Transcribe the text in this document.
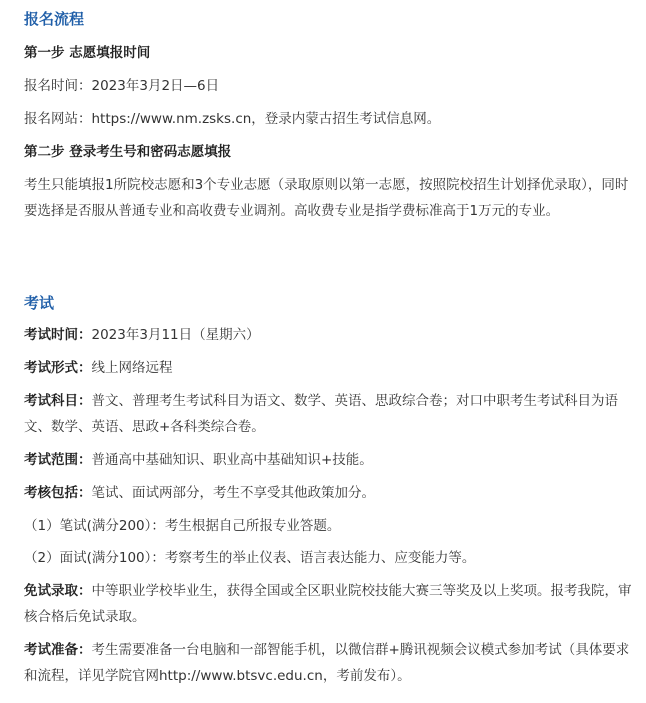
报名流程
第一步 志愿填报时间
报名时间：2023年3月2日—6日
报名网站：https://www.nm.zsks.cn，登录内蒙古招生考试信息网。
第二步 登录考生号和密码志愿填报
考生只能填报1所院校志愿和3个专业志愿（录取原则以第一志愿，按照院校招生计划择优录取），同时要选择是否服从普通专业和高收费专业调剂。高收费专业是指学费标准高于1万元的专业。
考试
考试时间：2023年3月11日（星期六）
考试形式：线上网络远程
考试科目：普文、普理考生考试科目为语文、数学、英语、思政综合卷；对口中职考生考试科目为语文、数学、英语、思政+各科类综合卷。
考试范围：普通高中基础知识、职业高中基础知识+技能。
考核包括：笔试、面试两部分，考生不享受其他政策加分。
（1）笔试(满分200）：考生根据自己所报专业答题。
（2）面试(满分100）：考察考生的举止仪表、语言表达能力、应变能力等。
免试录取：中等职业学校毕业生，获得全国或全区职业院校技能大赛三等奖及以上奖项。报考我院，审核合格后免试录取。
考试准备：考生需要准备一台电脑和一部智能手机，以微信群+腾讯视频会议模式参加考试（具体要求和流程，详见学院官网http://www.btsvc.edu.cn，考前发布）。
